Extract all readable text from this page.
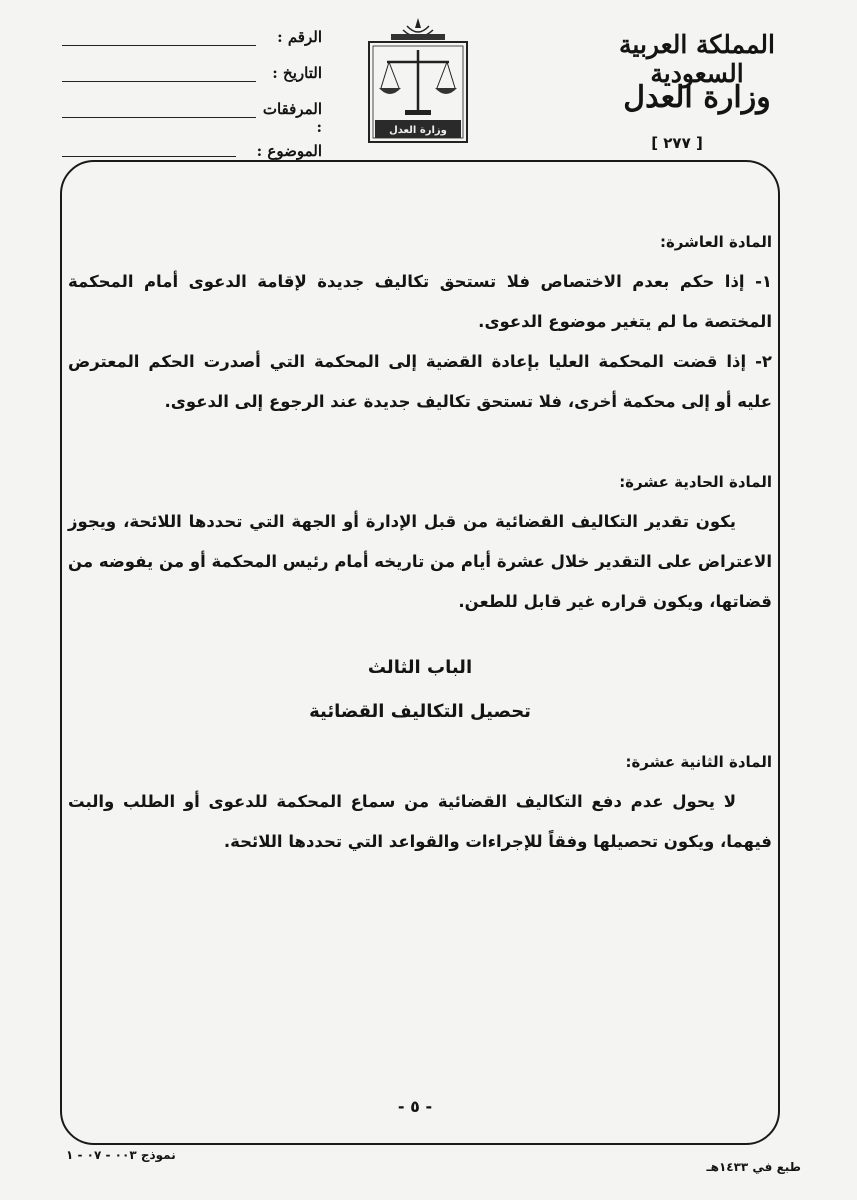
المملكة العربية السعودية
وزارة العدل
[ ٢٧٧ ]
وزارة العدل
الرقم :
التاريخ :
المرفقات :
الموضوع :

المادة العاشرة:

١- إذا حكم بعدم الاختصاص فلا تستحق تكاليف جديدة لإقامة الدعوى أمام المحكمة المختصة ما لم يتغير موضوع الدعوى.

٢- إذا قضت المحكمة العليا بإعادة القضية إلى المحكمة التي أصدرت الحكم المعترض عليه أو إلى محكمة أخرى، فلا تستحق تكاليف جديدة عند الرجوع إلى الدعوى.

المادة الحادية عشرة:

يكون تقدير التكاليف القضائية من قبل الإدارة أو الجهة التي تحددها اللائحة، ويجوز الاعتراض على التقدير خلال عشرة أيام من تاريخه أمام رئيس المحكمة أو من يفوضه من قضاتها، ويكون قراره غير قابل للطعن.

الباب الثالث

تحصيل التكاليف القضائية

المادة الثانية عشرة:

لا يحول عدم دفع التكاليف القضائية من سماع المحكمة للدعوى أو الطلب والبت فيهما، ويكون تحصيلها وفقاً للإجراءات والقواعد التي تحددها اللائحة.

- ٥ -
طبع في ١٤٣٣هـ
نموذج ٠٠٣ - ٠٧ - ١
